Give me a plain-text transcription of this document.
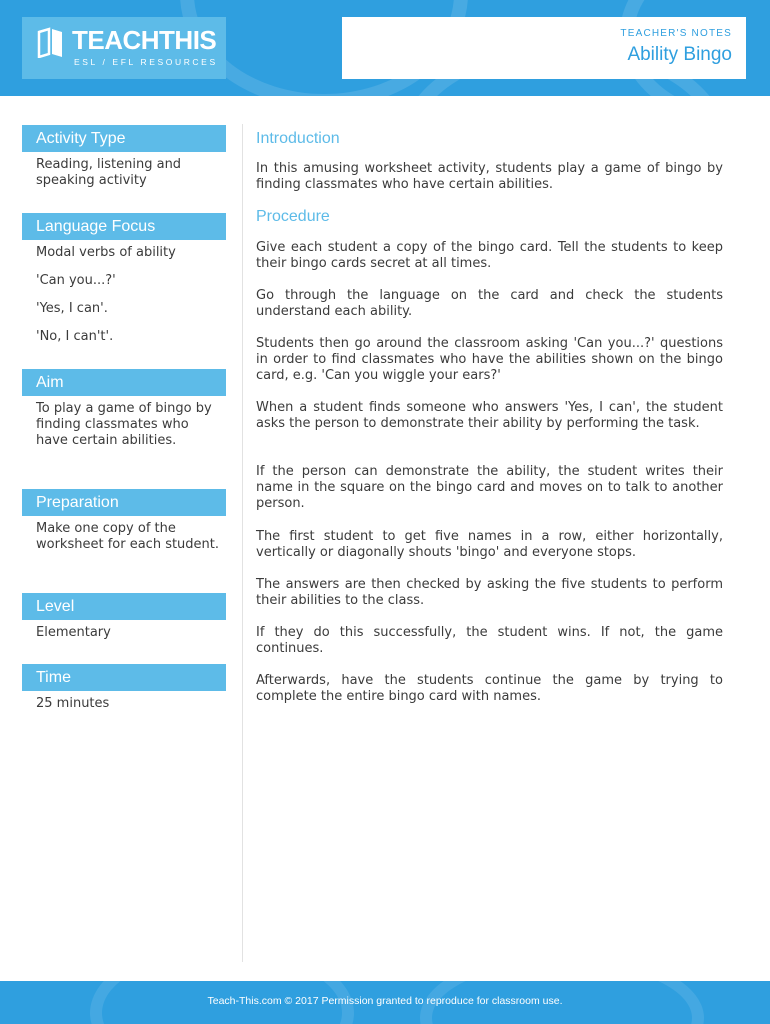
TEACHTHIS
ESL / EFL RESOURCES
TEACHER'S NOTES
Ability Bingo
Activity Type
Reading, listening and speaking activity
Language Focus
Modal verbs of ability
'Can you...?'
'Yes, I can'.
'No, I can't'.
Aim
To play a game of bingo by finding classmates who have certain abilities.
Preparation
Make one copy of the worksheet for each student.
Level
Elementary
Time
25 minutes
Introduction
In this amusing worksheet activity, students play a game of bingo by finding classmates who have certain abilities.
Procedure
Give each student a copy of the bingo card. Tell the students to keep their bingo cards secret at all times.
Go through the language on the card and check the students understand each ability.
Students then go around the classroom asking 'Can you...?' questions in order to find classmates who have the abilities shown on the bingo card, e.g. 'Can you wiggle your ears?'
When a student finds someone who answers 'Yes, I can', the student asks the person to demonstrate their ability by performing the task.
If the person can demonstrate the ability, the student writes their name in the square on the bingo card and moves on to talk to another person.
The first student to get five names in a row, either horizontally, vertically or diagonally shouts 'bingo' and everyone stops.
The answers are then checked by asking the five students to perform their abilities to the class.
If they do this successfully, the student wins. If not, the game continues.
Afterwards, have the students continue the game by trying to complete the entire bingo card with names.
Teach-This.com © 2017 Permission granted to reproduce for classroom use.
